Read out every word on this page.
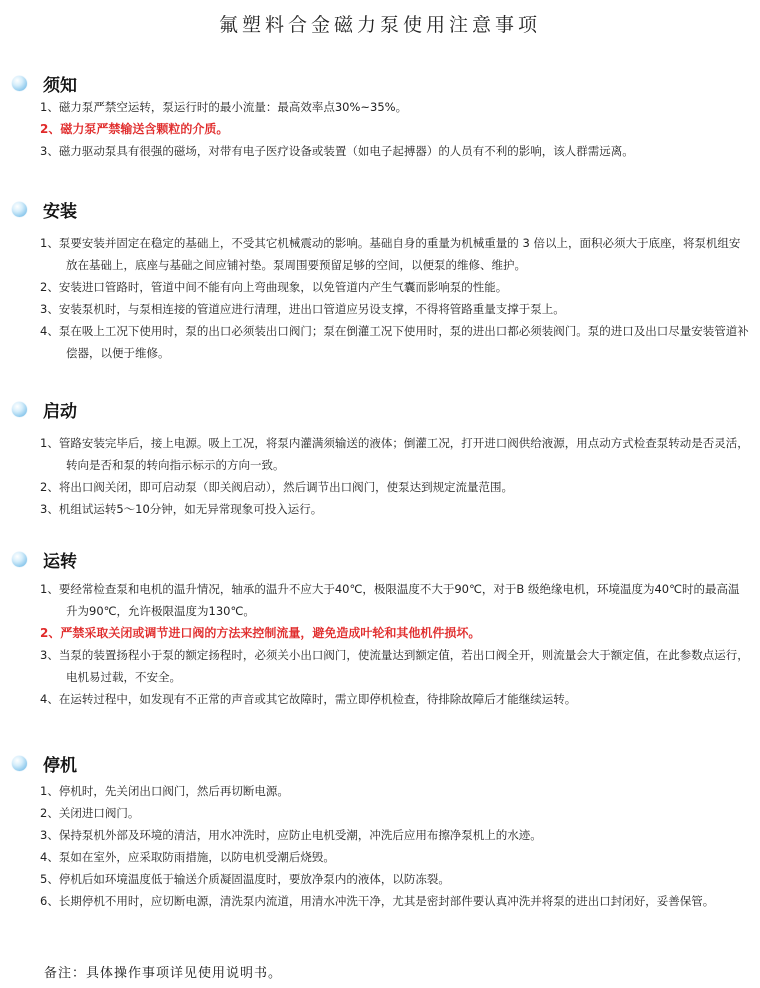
氟塑料合金磁力泵使用注意事项
须知
1、磁力泵严禁空运转，泵运行时的最小流量：最高效率点30%~35%。
2、磁力泵严禁输送含颗粒的介质。
3、磁力驱动泵具有很强的磁场，对带有电子医疗设备或装置（如电子起搏器）的人员有不利的影响，该人群需远离。
安装
1、泵要安装并固定在稳定的基础上，不受其它机械震动的影响。基础自身的重量为机械重量的 3 倍以上，面积必须大于底座，将泵机组安放在基础上，底座与基础之间应铺衬垫。泵周围要预留足够的空间，以便泵的维修、维护。
2、安装进口管路时，管道中间不能有向上弯曲现象，以免管道内产生气囊而影响泵的性能。
3、安装泵机时，与泵相连接的管道应进行清理，进出口管道应另设支撑，不得将管路重量支撑于泵上。
4、泵在吸上工况下使用时，泵的出口必须装出口阀门；泵在倒灌工况下使用时，泵的进出口都必须装阀门。泵的进口及出口尽量安装管道补偿器，以便于维修。
启动
1、管路安装完毕后，接上电源。吸上工况，将泵内灌满须输送的液体；倒灌工况，打开进口阀供给液源，用点动方式检查泵转动是否灵活，转向是否和泵的转向指示标示的方向一致。
2、将出口阀关闭，即可启动泵（即关阀启动），然后调节出口阀门，使泵达到规定流量范围。
3、机组试运转5～10分钟，如无异常现象可投入运行。
运转
1、要经常检查泵和电机的温升情况，轴承的温升不应大于40℃，极限温度不大于90℃，对于B 级绝缘电机，环境温度为40℃时的最高温升为90℃，允许极限温度为130℃。
2、严禁采取关闭或调节进口阀的方法来控制流量，避免造成叶轮和其他机件损坏。
3、当泵的装置扬程小于泵的额定扬程时，必须关小出口阀门，使流量达到额定值，若出口阀全开，则流量会大于额定值，在此参数点运行，电机易过载，不安全。
4、在运转过程中，如发现有不正常的声音或其它故障时，需立即停机检查，待排除故障后才能继续运转。
停机
1、停机时，先关闭出口阀门，然后再切断电源。
2、关闭进口阀门。
3、保持泵机外部及环境的清洁，用水冲洗时，应防止电机受潮，冲洗后应用布擦净泵机上的水迹。
4、泵如在室外，应采取防雨措施，以防电机受潮后烧毁。
5、停机后如环境温度低于输送介质凝固温度时，要放净泵内的液体，以防冻裂。
6、长期停机不用时，应切断电源，清洗泵内流道，用清水冲洗干净，尤其是密封部件要认真冲洗并将泵的进出口封闭好，妥善保管。
备注：具体操作事项详见使用说明书。
